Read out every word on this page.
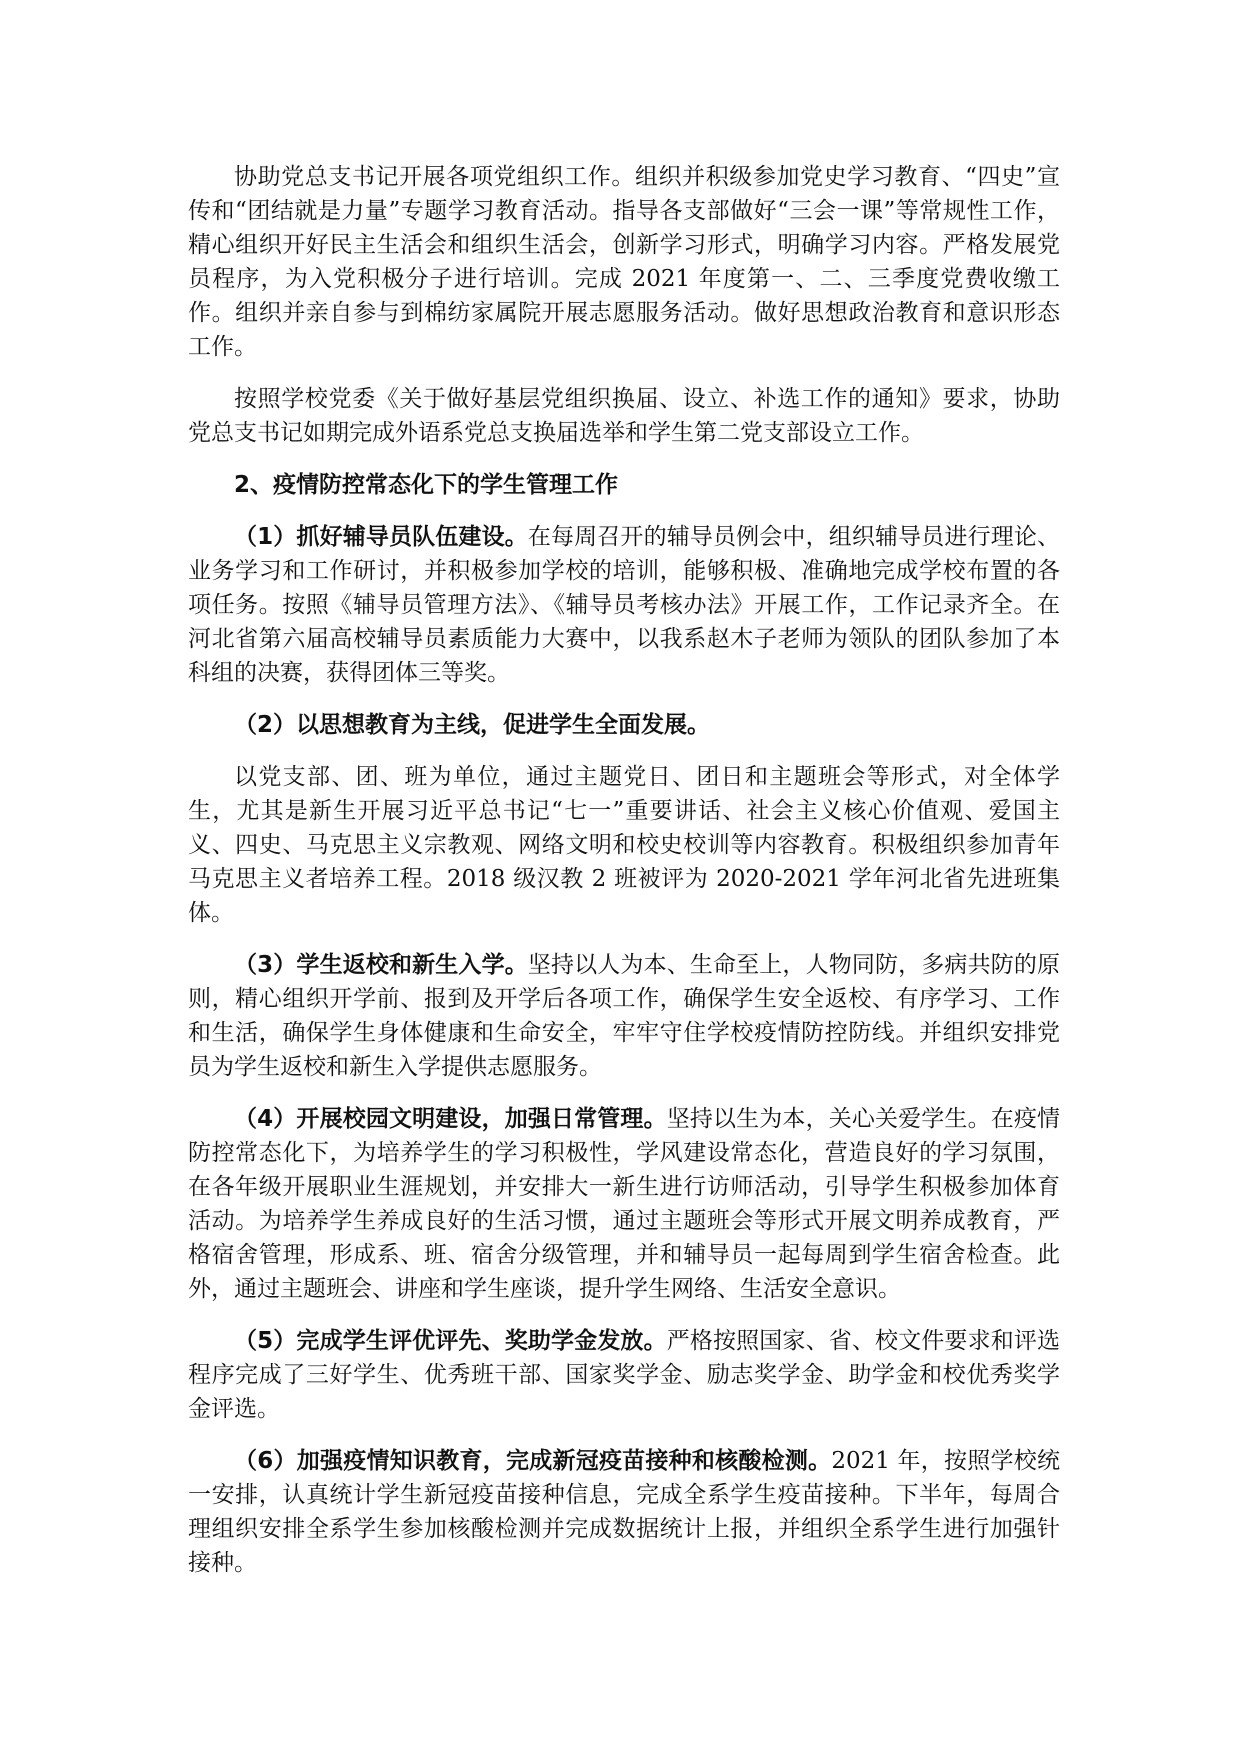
协助党总支书记开展各项党组织工作。组织并积级参加党史学习教育、“四史”宣传和“团结就是力量”专题学习教育活动。指导各支部做好“三会一课”等常规性工作，精心组织开好民主生活会和组织生活会，创新学习形式，明确学习内容。严格发展党员程序，为入党积极分子进行培训。完成 2021 年度第一、二、三季度党费收缴工作。组织并亲自参与到棉纺家属院开展志愿服务活动。做好思想政治教育和意识形态工作。

按照学校党委《关于做好基层党组织换届、设立、补选工作的通知》要求，协助党总支书记如期完成外语系党总支换届选举和学生第二党支部设立工作。

2、疫情防控常态化下的学生管理工作

（1）抓好辅导员队伍建设。在每周召开的辅导员例会中，组织辅导员进行理论、业务学习和工作研讨，并积极参加学校的培训，能够积极、准确地完成学校布置的各项任务。按照《辅导员管理方法》、《辅导员考核办法》开展工作，工作记录齐全。在河北省第六届高校辅导员素质能力大赛中，以我系赵木子老师为领队的团队参加了本科组的决赛，获得团体三等奖。

（2）以思想教育为主线，促进学生全面发展。

以党支部、团、班为单位，通过主题党日、团日和主题班会等形式，对全体学生，尤其是新生开展习近平总书记“七一”重要讲话、社会主义核心价值观、爱国主义、四史、马克思主义宗教观、网络文明和校史校训等内容教育。积极组织参加青年马克思主义者培养工程。2018 级汉教 2 班被评为 2020-2021 学年河北省先进班集体。

（3）学生返校和新生入学。坚持以人为本、生命至上，人物同防，多病共防的原则，精心组织开学前、报到及开学后各项工作，确保学生安全返校、有序学习、工作和生活，确保学生身体健康和生命安全，牢牢守住学校疫情防控防线。并组织安排党员为学生返校和新生入学提供志愿服务。

（4）开展校园文明建设，加强日常管理。坚持以生为本，关心关爱学生。在疫情防控常态化下，为培养学生的学习积极性，学风建设常态化，营造良好的学习氛围，在各年级开展职业生涯规划，并安排大一新生进行访师活动，引导学生积极参加体育活动。为培养学生养成良好的生活习惯，通过主题班会等形式开展文明养成教育，严格宿舍管理，形成系、班、宿舍分级管理，并和辅导员一起每周到学生宿舍检查。此外，通过主题班会、讲座和学生座谈，提升学生网络、生活安全意识。

（5）完成学生评优评先、奖助学金发放。严格按照国家、省、校文件要求和评选程序完成了三好学生、优秀班干部、国家奖学金、励志奖学金、助学金和校优秀奖学金评选。

（6）加强疫情知识教育，完成新冠疫苗接种和核酸检测。2021 年，按照学校统一安排，认真统计学生新冠疫苗接种信息，完成全系学生疫苗接种。下半年，每周合理组织安排全系学生参加核酸检测并完成数据统计上报，并组织全系学生进行加强针接种。
